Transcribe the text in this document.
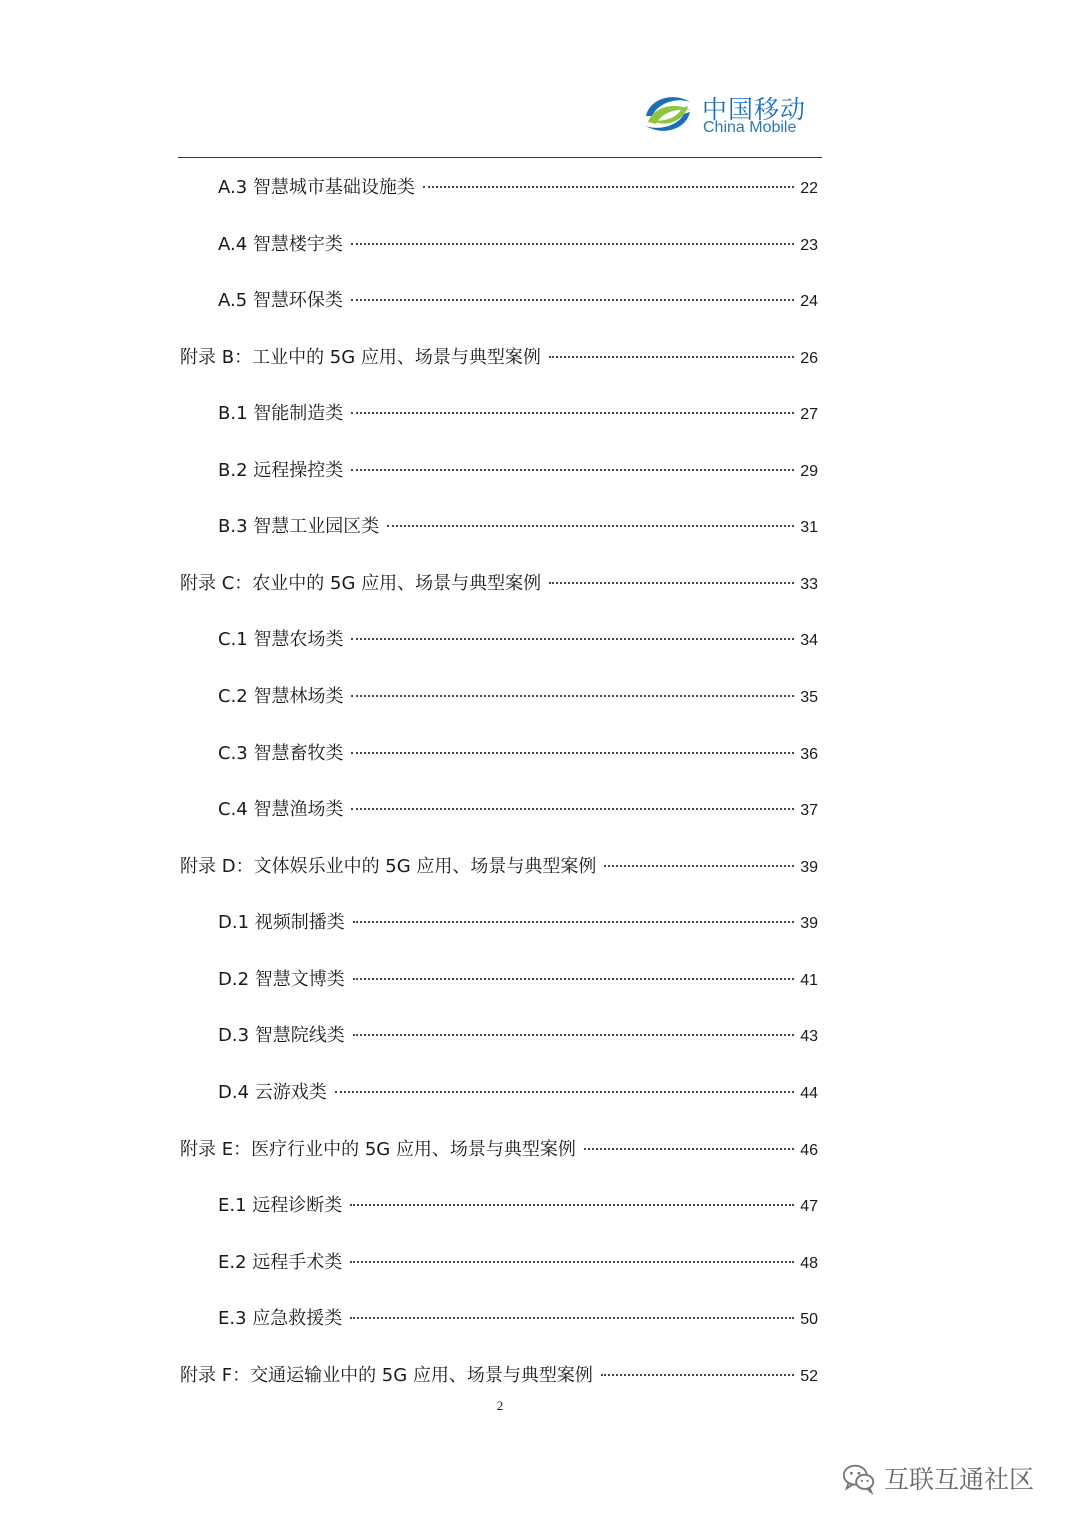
中国移动
China Mobile
A.3 智慧城市基础设施类	22
A.4 智慧楼宇类	23
A.5 智慧环保类	24
附录 B：工业中的 5G 应用、场景与典型案例	26
B.1 智能制造类	27
B.2 远程操控类	29
B.3 智慧工业园区类	31
附录 C：农业中的 5G 应用、场景与典型案例	33
C.1 智慧农场类	34
C.2 智慧林场类	35
C.3 智慧畜牧类	36
C.4 智慧渔场类	37
附录 D：文体娱乐业中的 5G 应用、场景与典型案例	39
D.1 视频制播类	39
D.2 智慧文博类	41
D.3 智慧院线类	43
D.4 云游戏类	44
附录 E：医疗行业中的 5G 应用、场景与典型案例	46
E.1 远程诊断类	47
E.2 远程手术类	48
E.3 应急救援类	50
附录 F：交通运输业中的 5G 应用、场景与典型案例	52
2
互联互通社区
